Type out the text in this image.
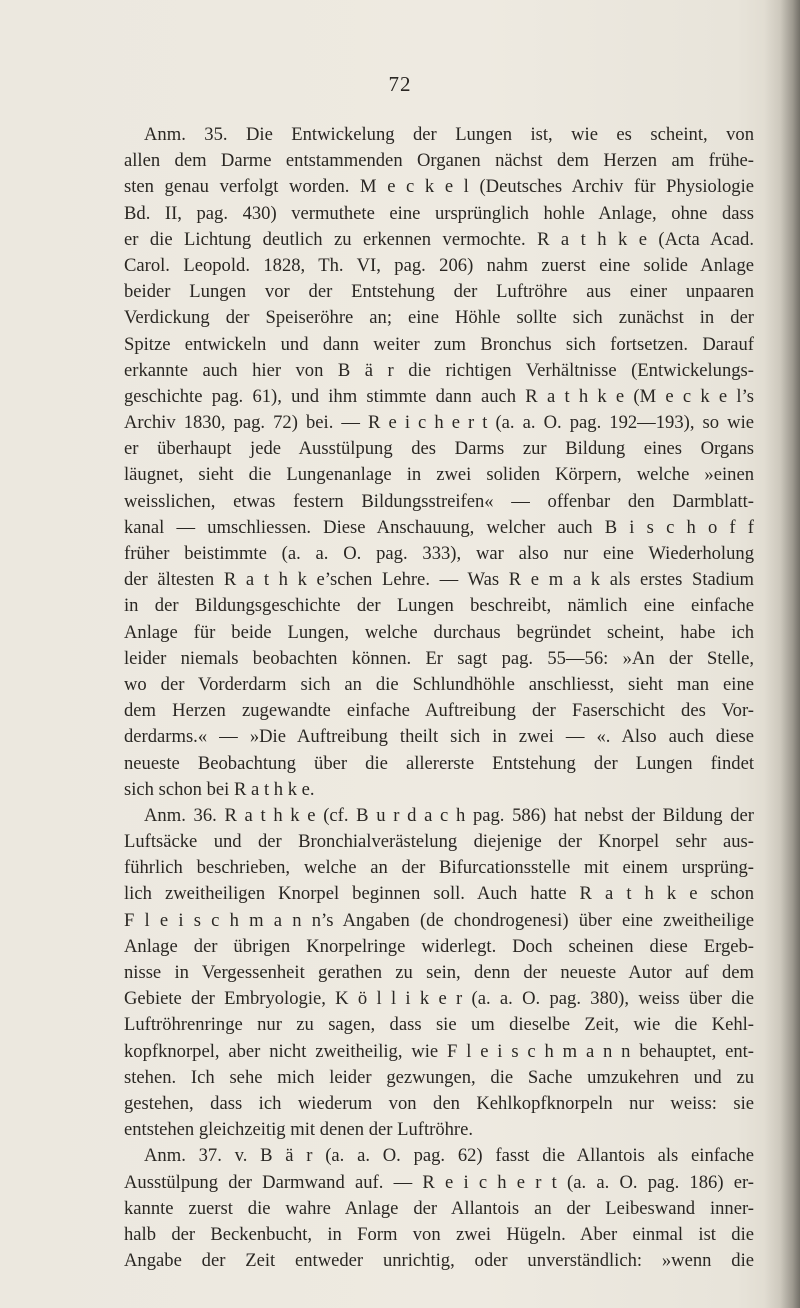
72
Anm. 35. Die Entwickelung der Lungen ist, wie es scheint, von
allen dem Darme entstammenden Organen nächst dem Herzen am frühe-
sten genau verfolgt worden. M e c k e l (Deutsches Archiv für Physiologie
Bd. II, pag. 430) vermuthete eine ursprünglich hohle Anlage, ohne dass
er die Lichtung deutlich zu erkennen vermochte. R a t h k e (Acta Acad.
Carol. Leopold. 1828, Th. VI, pag. 206) nahm zuerst eine solide Anlage
beider Lungen vor der Entstehung der Luftröhre aus einer unpaaren
Verdickung der Speiseröhre an; eine Höhle sollte sich zunächst in der
Spitze entwickeln und dann weiter zum Bronchus sich fortsetzen. Darauf
erkannte auch hier von B ä r die richtigen Verhältnisse (Entwickelungs-
geschichte pag. 61), und ihm stimmte dann auch R a t h k e (M e c k e l’s
Archiv 1830, pag. 72) bei. — R e i c h e r t (a. a. O. pag. 192—193), so wie
er überhaupt jede Ausstülpung des Darms zur Bildung eines Organs
läugnet, sieht die Lungenanlage in zwei soliden Körpern, welche »einen
weisslichen, etwas festern Bildungsstreifen« — offenbar den Darmblatt-
kanal — umschliessen. Diese Anschauung, welcher auch B i s c h o f f
früher beistimmte (a. a. O. pag. 333), war also nur eine Wiederholung
der ältesten R a t h k e’schen Lehre. — Was R e m a k als erstes Stadium
in der Bildungsgeschichte der Lungen beschreibt, nämlich eine einfache
Anlage für beide Lungen, welche durchaus begründet scheint, habe ich
leider niemals beobachten können. Er sagt pag. 55—56: »An der Stelle,
wo der Vorderdarm sich an die Schlundhöhle anschliesst, sieht man eine
dem Herzen zugewandte einfache Auftreibung der Faserschicht des Vor-
derdarms.« — »Die Auftreibung theilt sich in zwei — «. Also auch diese
neueste Beobachtung über die allererste Entstehung der Lungen findet
sich schon bei R a t h k e.
Anm. 36. R a t h k e (cf. B u r d a c h pag. 586) hat nebst der Bildung der
Luftsäcke und der Bronchialverästelung diejenige der Knorpel sehr aus-
führlich beschrieben, welche an der Bifurcationsstelle mit einem ursprüng-
lich zweitheiligen Knorpel beginnen soll. Auch hatte R a t h k e schon
F l e i s c h m a n n’s Angaben (de chondrogenesi) über eine zweitheilige
Anlage der übrigen Knorpelringe widerlegt. Doch scheinen diese Ergeb-
nisse in Vergessenheit gerathen zu sein, denn der neueste Autor auf dem
Gebiete der Embryologie, K ö l l i k e r (a. a. O. pag. 380), weiss über die
Luftröhrenringe nur zu sagen, dass sie um dieselbe Zeit, wie die Kehl-
kopfknorpel, aber nicht zweitheilig, wie F l e i s c h m a n n behauptet, ent-
stehen. Ich sehe mich leider gezwungen, die Sache umzukehren und zu
gestehen, dass ich wiederum von den Kehlkopfknorpeln nur weiss: sie
entstehen gleichzeitig mit denen der Luftröhre.
Anm. 37. v. B ä r (a. a. O. pag. 62) fasst die Allantois als einfache
Ausstülpung der Darmwand auf. — R e i c h e r t (a. a. O. pag. 186) er-
kannte zuerst die wahre Anlage der Allantois an der Leibeswand inner-
halb der Beckenbucht, in Form von zwei Hügeln. Aber einmal ist die
Angabe der Zeit entweder unrichtig, oder unverständlich: »wenn die
